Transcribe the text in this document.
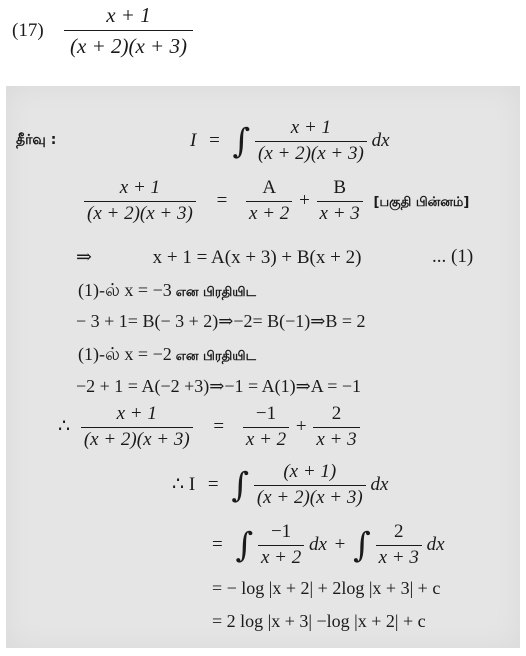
$(17) \frac{x + 1}{(x + 2)(x + 3)}$
தீர்வு :	I = ∫ $\frac{x + 1}{(x + 2)(x + 3)}$ dx
$\frac{x + 1}{(x + 2)(x + 3)} = \frac{A}{x + 2} + \frac{B}{x + 3}$ [பகுதி பின்னம்]
⇒	x + 1 = A(x + 3) + B(x + 2)	... (1)
(1)-ல் x = −3 என பிரதியிட
− 3 + 1= B(− 3 + 2)⇒−2= B(−1)⇒B = 2
(1)-ல் x = −2 என பிரதியிட
−2 + 1 = A(−2 +3)⇒−1 = A(1)⇒A = −1
∴ $\frac{x + 1}{(x + 2)(x + 3)} = \frac{-1}{x + 2} + \frac{2}{x + 3}$
∴ I = ∫ $\frac{(x + 1)}{(x + 2)(x + 3)}$ dx
= ∫ $\frac{-1}{x + 2}$ dx + ∫ $\frac{2}{x + 3}$ dx
= − log |x + 2| + 2log |x + 3| + c
= 2 log |x + 3| −log |x + 2| + c
